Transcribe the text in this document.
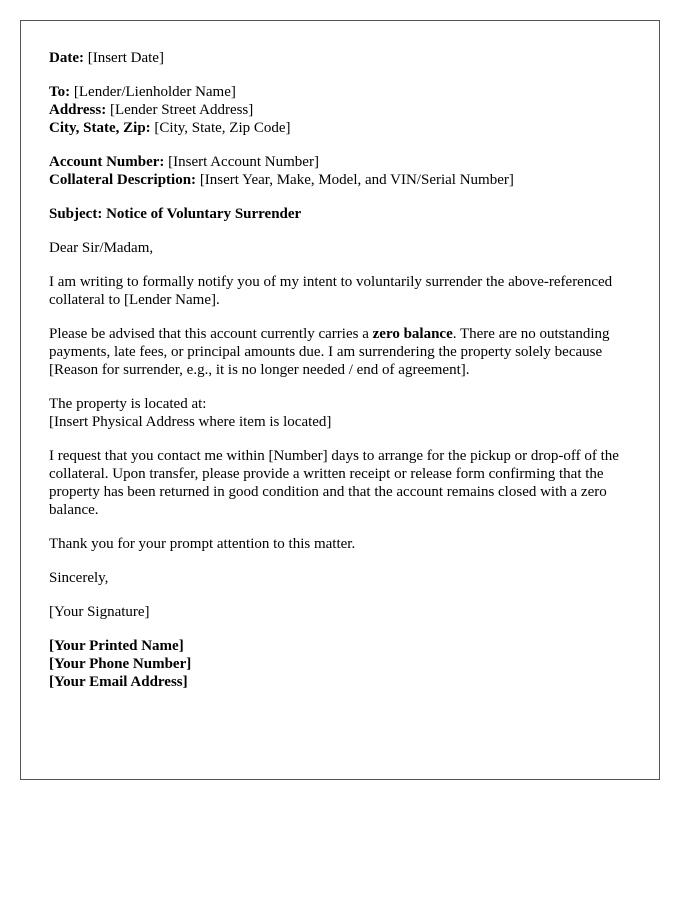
Date: [Insert Date]
To: [Lender/Lienholder Name]
Address: [Lender Street Address]
City, State, Zip: [City, State, Zip Code]
Account Number: [Insert Account Number]
Collateral Description: [Insert Year, Make, Model, and VIN/Serial Number]

Subject: Notice of Voluntary Surrender

Dear Sir/Madam,

I am writing to formally notify you of my intent to voluntarily surrender the above-referenced collateral to [Lender Name].

Please be advised that this account currently carries a zero balance. There are no outstanding payments, late fees, or principal amounts due. I am surrendering the property solely because [Reason for surrender, e.g., it is no longer needed / end of agreement].

The property is located at:
[Insert Physical Address where item is located]

I request that you contact me within [Number] days to arrange for the pickup or drop-off of the collateral. Upon transfer, please provide a written receipt or release form confirming that the property has been returned in good condition and that the account remains closed with a zero balance.

Thank you for your prompt attention to this matter.

Sincerely,

[Your Signature]

[Your Printed Name]
[Your Phone Number]
[Your Email Address]
